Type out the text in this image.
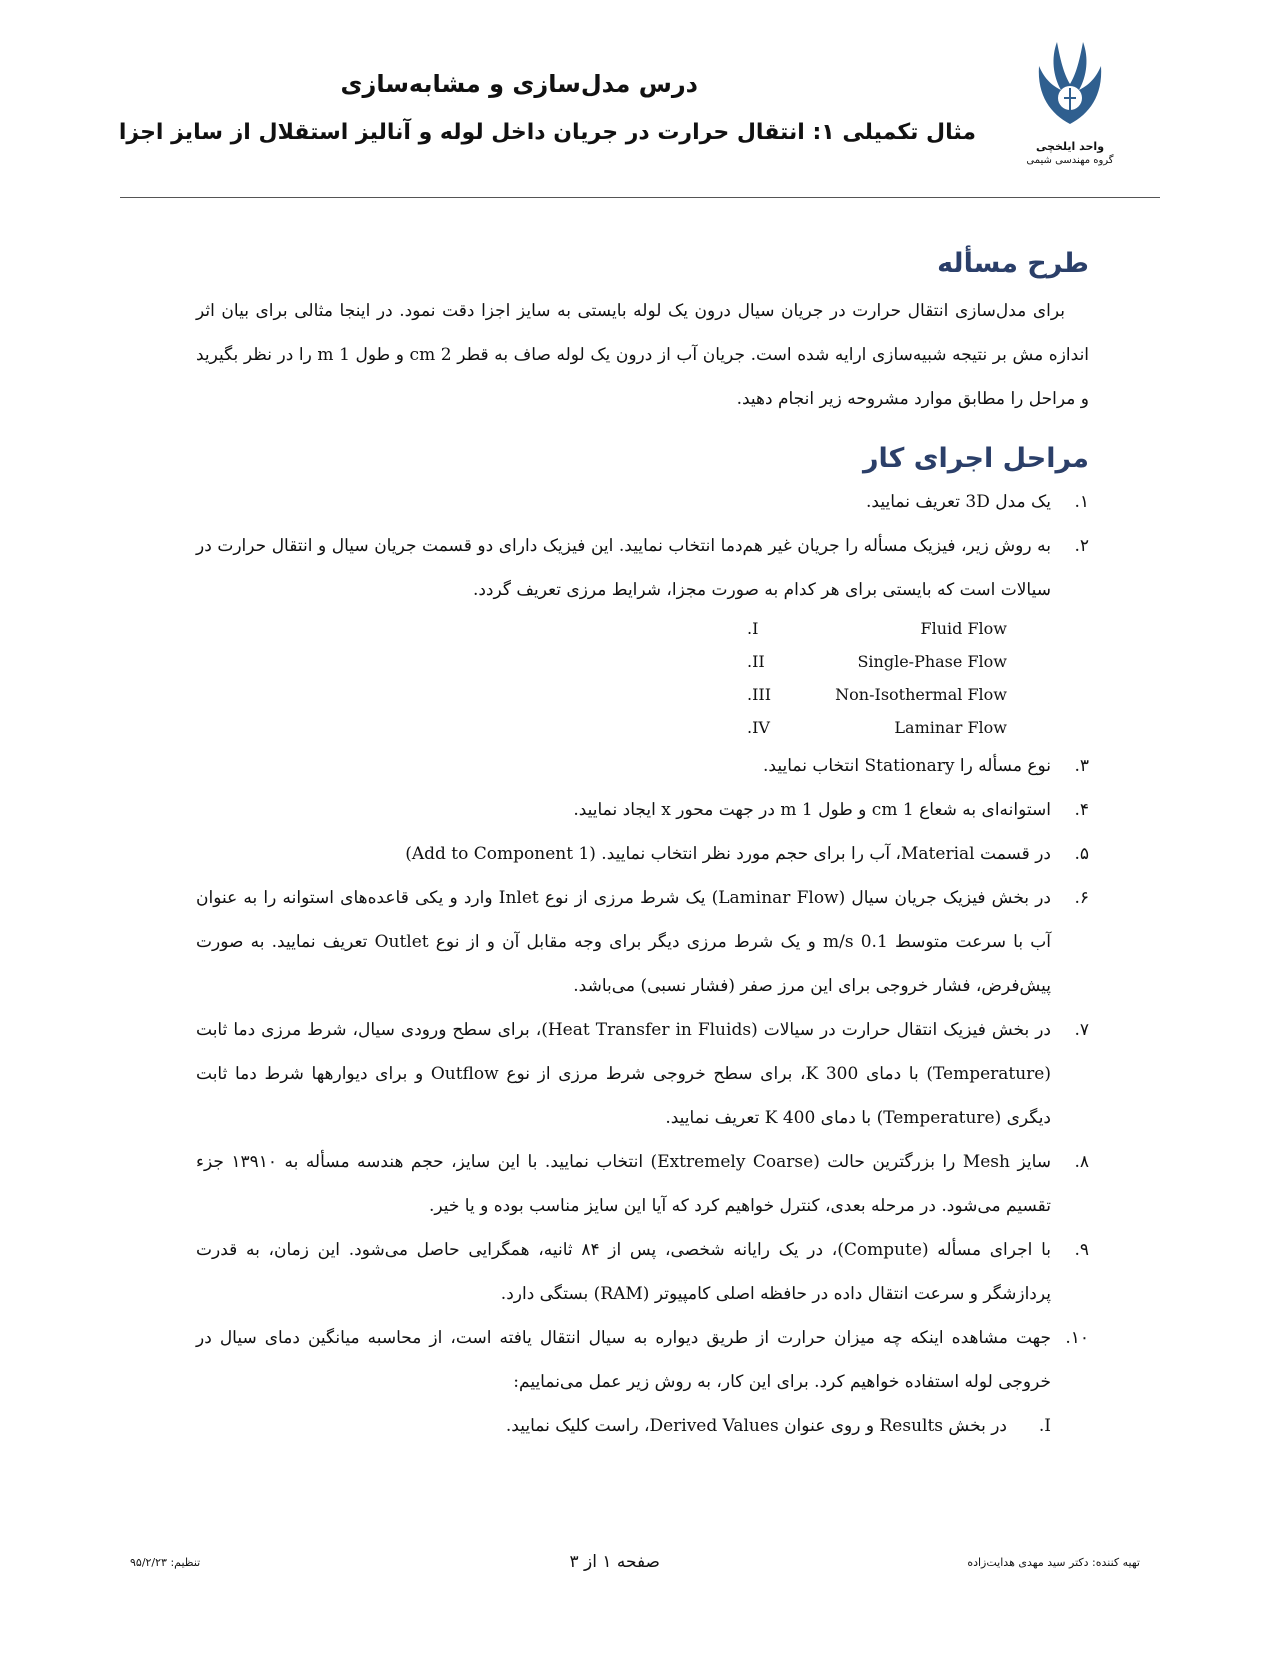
واحد ایلخچی
گروه مهندسی شیمی
درس مدل‌سازی و مشابه‌سازی
مثال تکمیلی ۱: انتقال حرارت در جریان داخل لوله و آنالیز استقلال از سایز اجزا
طرح مسأله

برای مدل‌سازی انتقال حرارت در جریان سیال درون یک لوله بایستی به سایز اجزا دقت نمود. در اینجا مثالی برای بیان اثر اندازه مش بر نتیجه شبیه‌سازی ارایه شده است. جریان آب از درون یک لوله صاف به قطر 2 cm و طول 1 m را در نظر بگیرید و مراحل را مطابق موارد مشروحه زیر انجام دهید.

مراحل اجرای کار
۱.
یک مدل 3D تعریف نمایید.
۲.
به روش زیر، فیزیک مسأله را جریان غیر هم‌دما انتخاب نمایید. این فیزیک دارای دو قسمت جریان سیال و انتقال حرارت در سیالات است که بایستی برای هر کدام به صورت مجزا، شرایط مرزی تعریف گردد.
I.	Fluid Flow
II.	Single-Phase Flow
III.	Non-Isothermal Flow
IV.	Laminar Flow
۳.
نوع مسأله را Stationary انتخاب نمایید.
۴.
استوانه‌ای به شعاع 1 cm و طول 1 m در جهت محور x ایجاد نمایید.
۵.
در قسمت Material، آب را برای حجم مورد نظر انتخاب نمایید. (Add to Component 1)
۶.
در بخش فیزیک جریان سیال (Laminar Flow) یک شرط مرزی از نوع Inlet وارد و یکی قاعده‌های استوانه را به عنوان آب با سرعت متوسط 0.1 m/s و یک شرط مرزی دیگر برای وجه مقابل آن و از نوع Outlet تعریف نمایید. به صورت پیش‌فرض، فشار خروجی برای این مرز صفر (فشار نسبی) می‌باشد.
۷.
در بخش فیزیک انتقال حرارت در سیالات (Heat Transfer in Fluids)، برای سطح ورودی سیال، شرط مرزی دما ثابت (Temperature) با دمای 300 K، برای سطح خروجی شرط مرزی از نوع Outflow و برای دیوارهها شرط دما ثابت دیگری (Temperature) با دمای 400 K تعریف نمایید.
۸.
سایز Mesh را بزرگترین حالت (Extremely Coarse) انتخاب نمایید. با این سایز، حجم هندسه مسأله به ۱۳۹۱۰ جزء تقسیم می‌شود. در مرحله بعدی، کنترل خواهیم کرد که آیا این سایز مناسب بوده و یا خیر.
۹.
با اجرای مسأله (Compute)، در یک رایانه شخصی، پس از ۸۴ ثانیه، همگرایی حاصل می‌شود. این زمان، به قدرت پردازشگر و سرعت انتقال داده در حافظه اصلی کامپیوتر (RAM) بستگی دارد.
۱۰.
جهت مشاهده اینکه چه میزان حرارت از طریق دیواره به سیال انتقال یافته است، از محاسبه میانگین دمای سیال در خروجی لوله استفاده خواهیم کرد. برای این کار، به روش زیر عمل می‌نماییم:
I.
در بخش Results و روی عنوان Derived Values، راست کلیک نمایید.
تهیه کننده: دکتر سید مهدی هدایت‌زاده
صفحه ۱ از ۳
تنظیم: ۹۵/۲/۲۳
